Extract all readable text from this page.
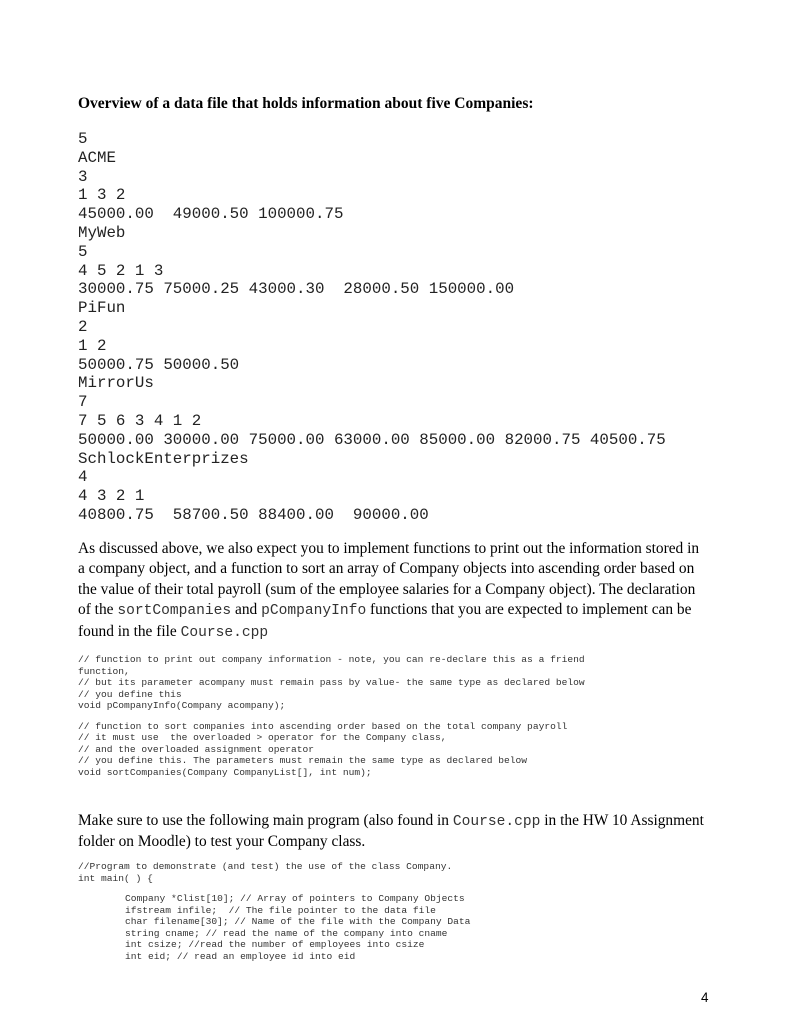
Overview of a data file that holds information about five Companies:
5
ACME
3
1 3 2
45000.00  49000.50 100000.75
MyWeb
5
4 5 2 1 3
30000.75 75000.25 43000.30  28000.50 150000.00
PiFun
2
1 2
50000.75 50000.50
MirrorUs
7
7 5 6 3 4 1 2
50000.00 30000.00 75000.00 63000.00 85000.00 82000.75 40500.75
SchlockEnterprizes
4
4 3 2 1
40800.75  58700.50 88400.00  90000.00
As discussed above, we also expect you to implement functions to print out the information stored in a company object, and a function to sort an array of Company objects into ascending order based on the value of their total payroll (sum of the employee salaries for a Company object). The declaration of the sortCompanies and pCompanyInfo functions that you are expected to implement can be found in the file Course.cpp
// function to print out company information - note, you can re-declare this as a friend
function,
// but its parameter acompany must remain pass by value- the same type as declared below
// you define this
void pCompanyInfo(Company acompany);
// function to sort companies into ascending order based on the total company payroll
// it must use  the overloaded > operator for the Company class,
// and the overloaded assignment operator
// you define this. The parameters must remain the same type as declared below
void sortCompanies(Company CompanyList[], int num);
Make sure to use the following main program (also found in Course.cpp in the HW 10 Assignment folder on Moodle) to test your Company class.
//Program to demonstrate (and test) the use of the class Company.
int main( ) {
Company *Clist[10]; // Array of pointers to Company Objects
ifstream infile;  // The file pointer to the data file
char filename[30]; // Name of the file with the Company Data
string cname; // read the name of the company into cname
int csize; //read the number of employees into csize
int eid; // read an employee id into eid
4
